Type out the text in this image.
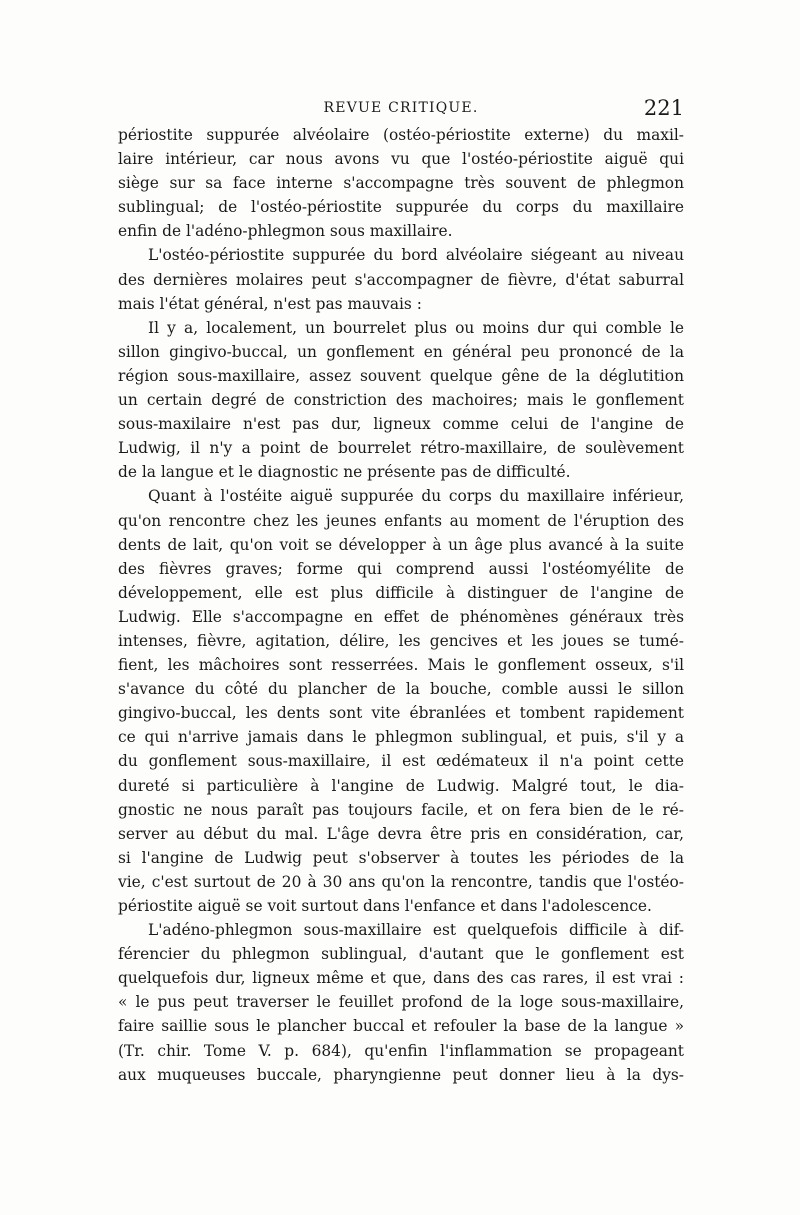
REVUE CRITIQUE.	221
périostite suppurée alvéolaire (ostéo-périostite externe) du maxil-
laire intérieur, car nous avons vu que l'ostéo-périostite aiguë qui
siège sur sa face interne s'accompagne très souvent de phlegmon
sublingual; de l'ostéo-périostite suppurée du corps du maxillaire
enfin de l'adéno-phlegmon sous maxillaire.
L'ostéo-périostite suppurée du bord alvéolaire siégeant au niveau
des dernières molaires peut s'accompagner de fièvre, d'état saburral
mais l'état général, n'est pas mauvais :
Il y a, localement, un bourrelet plus ou moins dur qui comble le
sillon gingivo-buccal, un gonflement en général peu prononcé de la
région sous-maxillaire, assez souvent quelque gêne de la déglutition
un certain degré de constriction des machoires; mais le gonflement
sous-maxilaire n'est pas dur, ligneux comme celui de l'angine de
Ludwig, il n'y a point de bourrelet rétro-maxillaire, de soulèvement
de la langue et le diagnostic ne présente pas de difficulté.
Quant à l'ostéite aiguë suppurée du corps du maxillaire inférieur,
qu'on rencontre chez les jeunes enfants au moment de l'éruption des
dents de lait, qu'on voit se développer à un âge plus avancé à la suite
des fièvres graves; forme qui comprend aussi l'ostéomyélite de
développement, elle est plus difficile à distinguer de l'angine de
Ludwig. Elle s'accompagne en effet de phénomènes généraux très
intenses, fièvre, agitation, délire, les gencives et les joues se tumé-
fient, les mâchoires sont resserrées. Mais le gonflement osseux, s'il
s'avance du côté du plancher de la bouche, comble aussi le sillon
gingivo-buccal, les dents sont vite ébranlées et tombent rapidement
ce qui n'arrive jamais dans le phlegmon sublingual, et puis, s'il y a
du gonflement sous-maxillaire, il est œdémateux il n'a point cette
dureté si particulière à l'angine de Ludwig. Malgré tout, le dia-
gnostic ne nous paraît pas toujours facile, et on fera bien de le ré-
server au début du mal. L'âge devra être pris en considération, car,
si l'angine de Ludwig peut s'observer à toutes les périodes de la
vie, c'est surtout de 20 à 30 ans qu'on la rencontre, tandis que l'ostéo-
périostite aiguë se voit surtout dans l'enfance et dans l'adolescence.
L'adéno-phlegmon sous-maxillaire est quelquefois difficile à dif-
férencier du phlegmon sublingual, d'autant que le gonflement est
quelquefois dur, ligneux même et que, dans des cas rares, il est vrai :
« le pus peut traverser le feuillet profond de la loge sous-maxillaire,
faire saillie sous le plancher buccal et refouler la base de la langue »
(Tr. chir. Tome V. p. 684), qu'enfin l'inflammation se propageant
aux muqueuses buccale, pharyngienne peut donner lieu à la dys-
